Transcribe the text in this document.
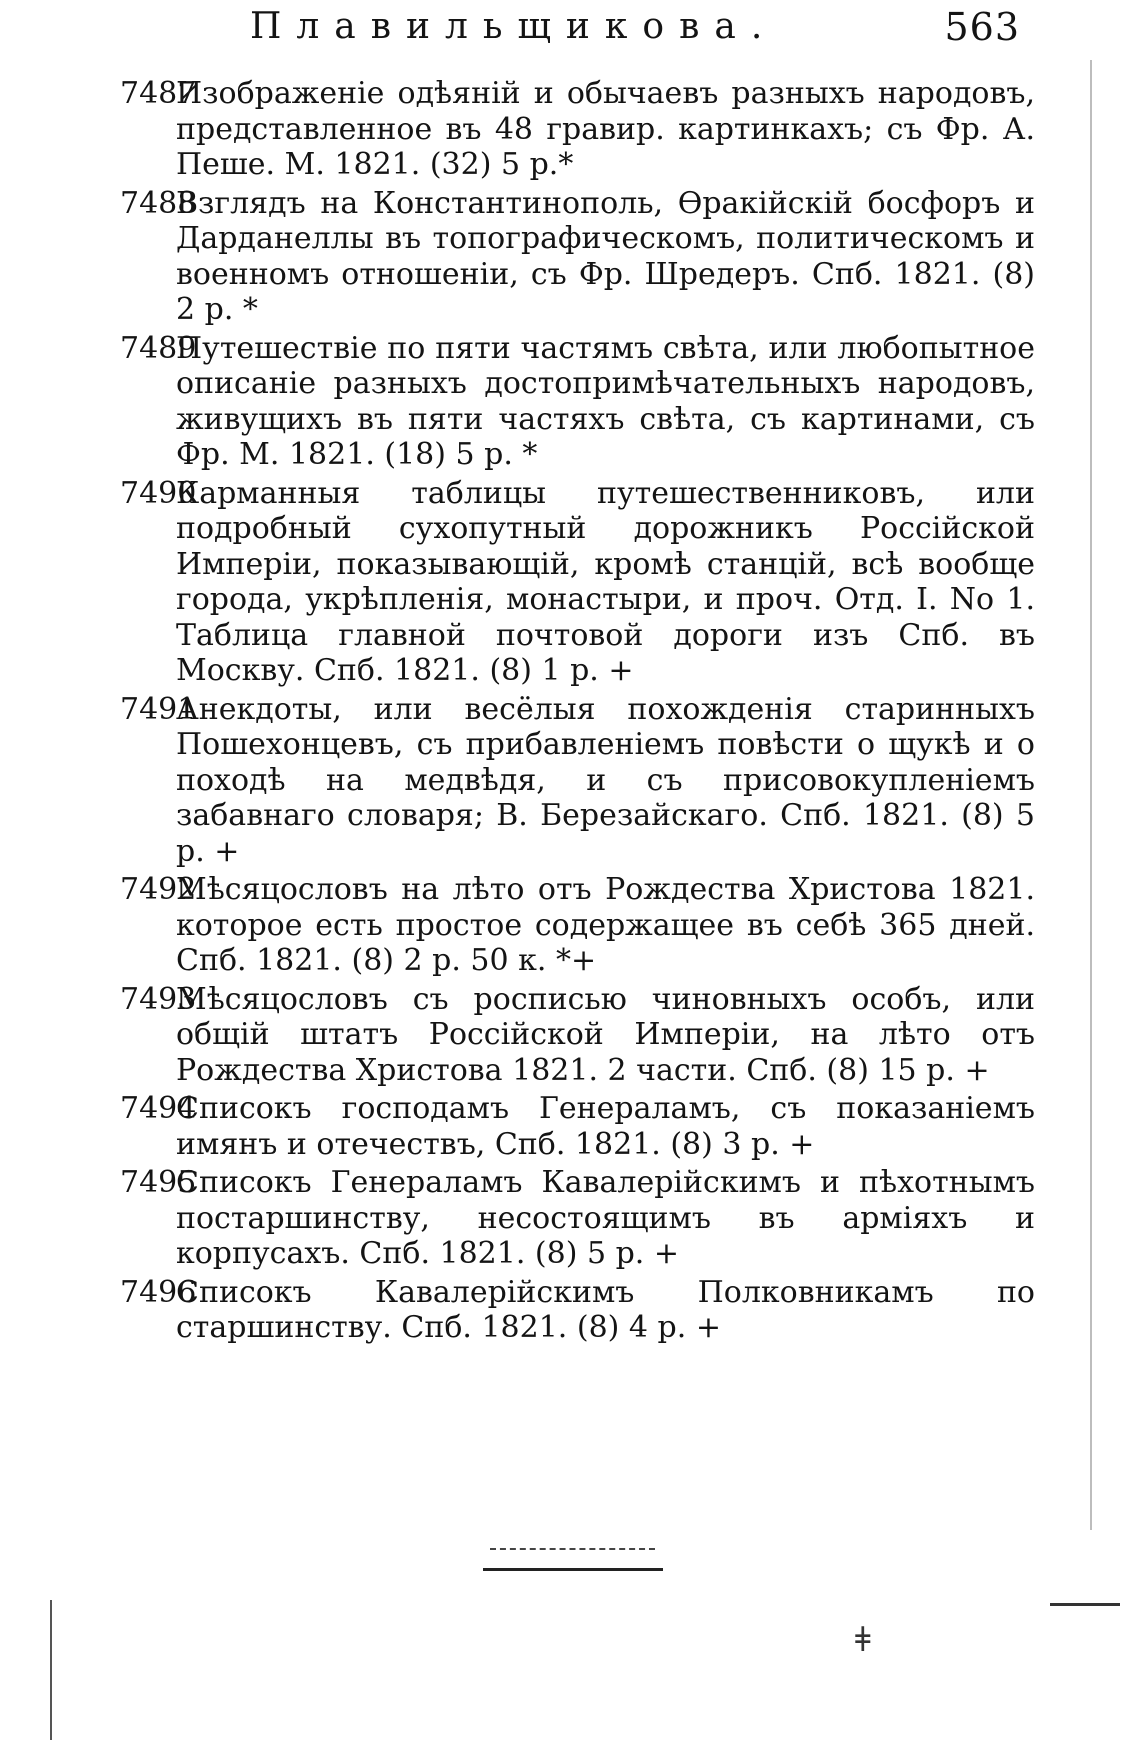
Плавильщикова.	563
7487
Изображеніе одѣяній и обычаевъ разныхъ народовъ, представленное въ 48 гравир. картинкахъ; съ Фр. А. Пеше. М. 1821. (32) 5 р.*
7488
Взглядъ на Константинополь, Ѳракійскій босфоръ и Дарданеллы въ топографическомъ, политическомъ и военномъ отношеніи, съ Фр. Шредеръ. Спб. 1821. (8) 2 р. *
7489
Путешествіе по пяти частямъ свѣта, или любопытное описаніе разныхъ достопримѣчательныхъ народовъ, живущихъ въ пяти частяхъ свѣта, съ картинами, съ Фр. М. 1821. (18) 5 р. *
7490
Карманныя таблицы путешественниковъ, или подробный сухопутный дорожникъ Россійской Имперіи, показывающій, кромѣ станцій, всѣ вообще города, укрѣпленія, монастыри, и проч. Отд. I. No 1. Таблица главной почтовой дороги изъ Спб. въ Москву. Спб. 1821. (8) 1 р. +
7491
Анекдоты, или весёлыя похожденія старинныхъ Пошехонцевъ, съ прибавленіемъ повѣсти о щукѣ и о походѣ на медвѣдя, и съ присовокупленіемъ забавнаго словаря; В. Березайскаго. Спб. 1821. (8) 5 р. +
7492
Мѣсяцословъ на лѣто отъ Рождества Христова 1821. которое есть простое содержащее въ себѣ 365 дней. Спб. 1821. (8) 2 р. 50 к. *+
7493
Мѣсяцословъ съ росписью чиновныхъ особъ, или общій штатъ Россійской Имперіи, на лѣто отъ Рождества Христова 1821. 2 части. Спб. (8) 15 р. +
7494
Списокъ господамъ Генераламъ, съ показаніемъ имянъ и отечествъ, Спб. 1821. (8) 3 р. +
7495
Списокъ Генераламъ Кавалерійскимъ и пѣхотнымъ постаршинству, несостоящимъ въ арміяхъ и корпусахъ. Спб. 1821. (8) 5 р. +
7496
Списокъ Кавалерійскимъ Полковникамъ по старшинству. Спб. 1821. (8) 4 р. +
ǂ
